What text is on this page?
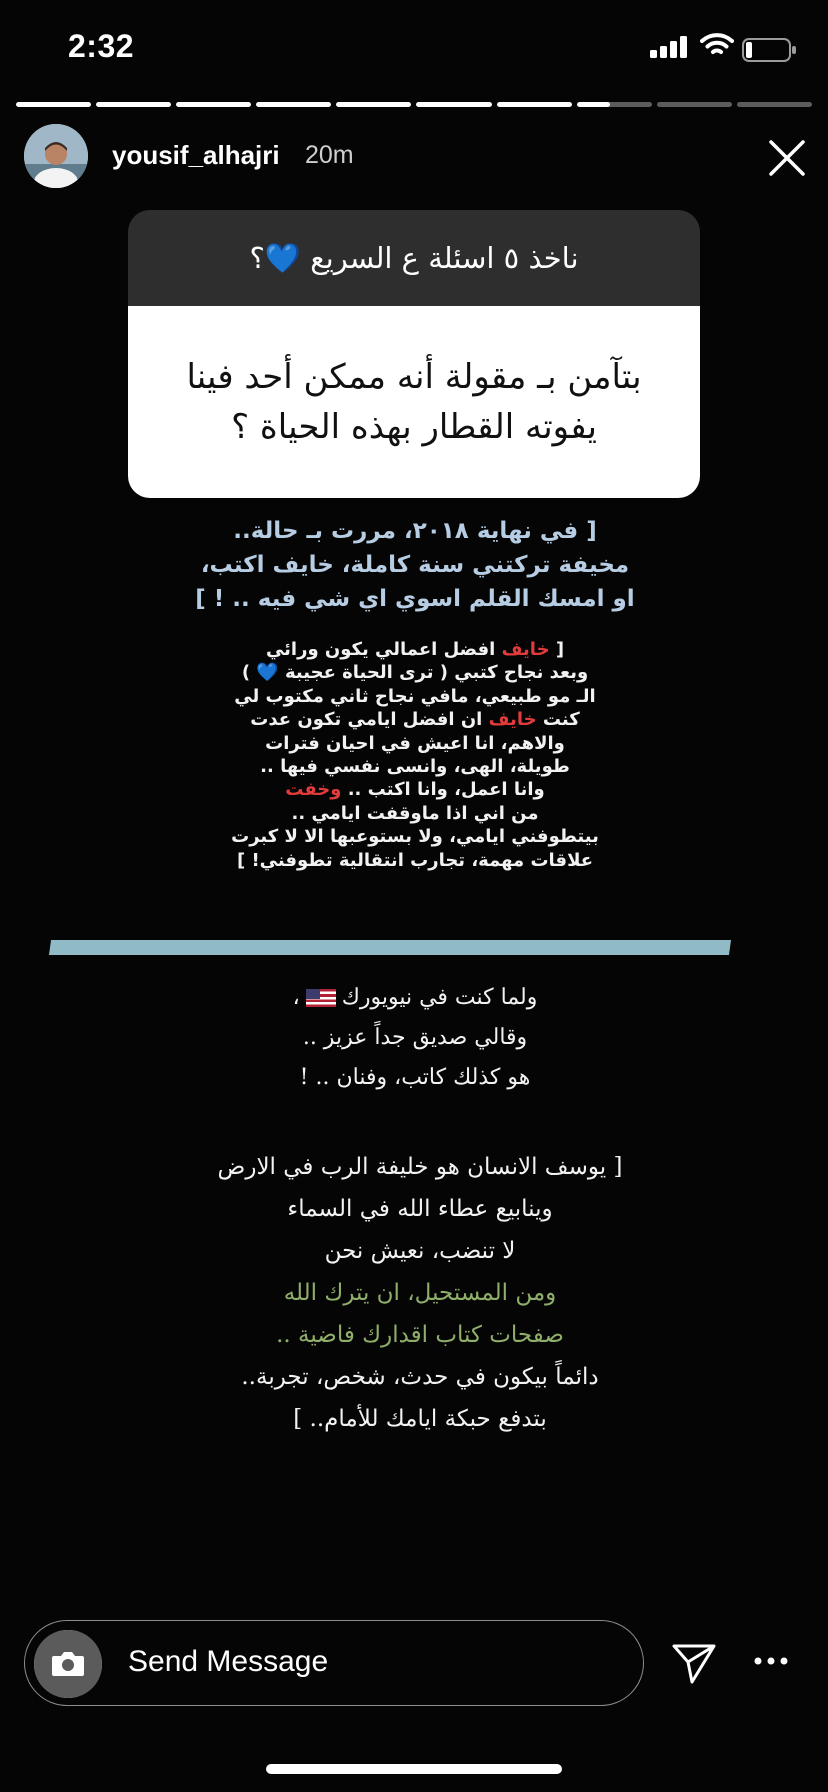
2:32
yousif_alhajri 20m
ناخذ ٥ اسئلة ع السريع 💙؟
بتآمن بـ مقولة أنه ممكن أحد فينا
يفوته القطار بهذه الحياة ؟
[ في نهاية ٢٠١٨، مررت بـ حالة..
مخيفة تركتني سنة كاملة، خايف اكتب،
او امسك القلم اسوي اي شي فيه .. ! ]
[ خايف افضل اعمالي يكون ورائي
وبعد نجاح كتبي ( ترى الحياة عجيبة 💙 )
الـ مو طبيعي، مافي نجاح ثاني مكتوب لي
كنت خايف ان افضل ايامي تكون عدت
والاهم، انا اعيش في احيان فترات
طويلة، الهى، وانسى نفسي فيها ..
وانا اعمل، وانا اكتب .. وخفت
من اني اذا ماوقفت ايامي ..
بيتطوفني ايامي، ولا بستوعبها الا لا كبرت
علاقات مهمة، تجارب انتقالية تطوفني! ]
ولما كنت في نيويورك،
وقالي صديق جداً عزيز ..
هو كذلك كاتب، وفنان .. !
[ يوسف الانسان هو خليفة الرب في الارض
وينابيع عطاء الله في السماء
لا تنضب، نعيش نحن
ومن المستحيل، ان يترك الله
صفحات كتاب اقدارك فاضية ..
دائماً بيكون في حدث، شخص، تجربة..
بتدفع حبكة ايامك للأمام.. ]
Send Message
